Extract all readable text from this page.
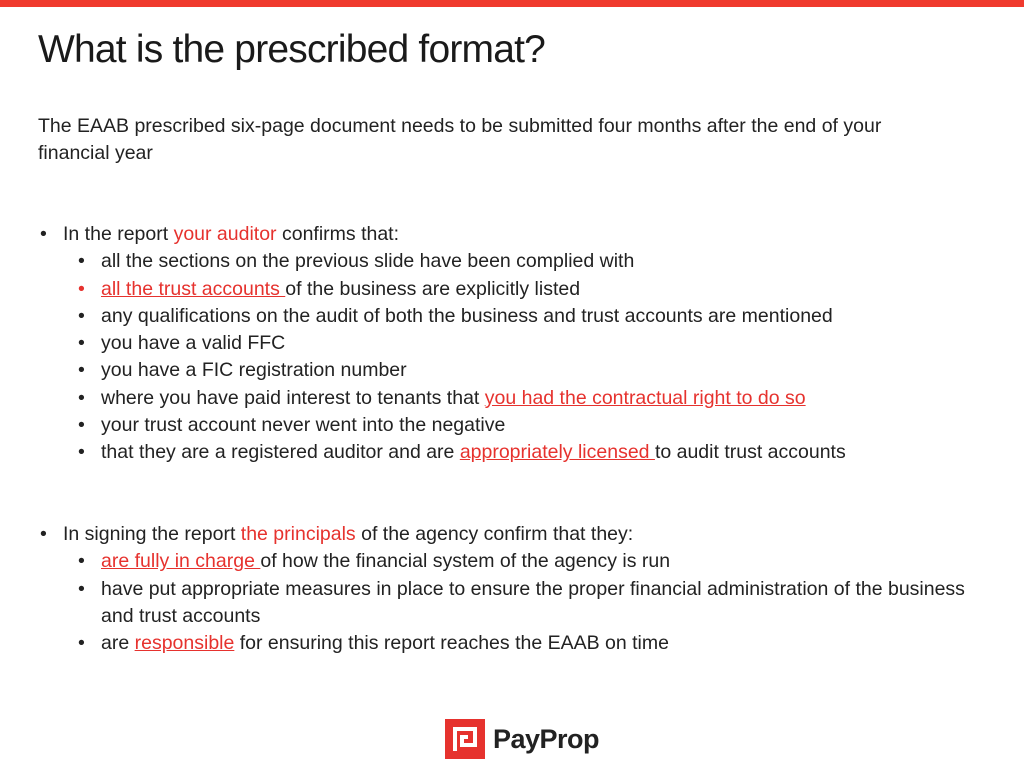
What is the prescribed format?

The EAAB prescribed six-page document needs to be submitted four months after the end of your financial year

• In the report your auditor confirms that:
• all the sections on the previous slide have been complied with
• all the trust accounts of the business are explicitly listed
• any qualifications on the audit of both the business and trust accounts are mentioned
• you have a valid FFC
• you have a FIC registration number
• where you have paid interest to tenants that you had the contractual right to do so
• your trust account never went into the negative
• that they are a registered auditor and are appropriately licensed to audit trust accounts
• In signing the report the principals of the agency confirm that they:
• are fully in charge of how the financial system of the agency is run
• have put appropriate measures in place to ensure the proper financial administration of the business and trust accounts
• are responsible for ensuring this report reaches the EAAB on time
PayProp
